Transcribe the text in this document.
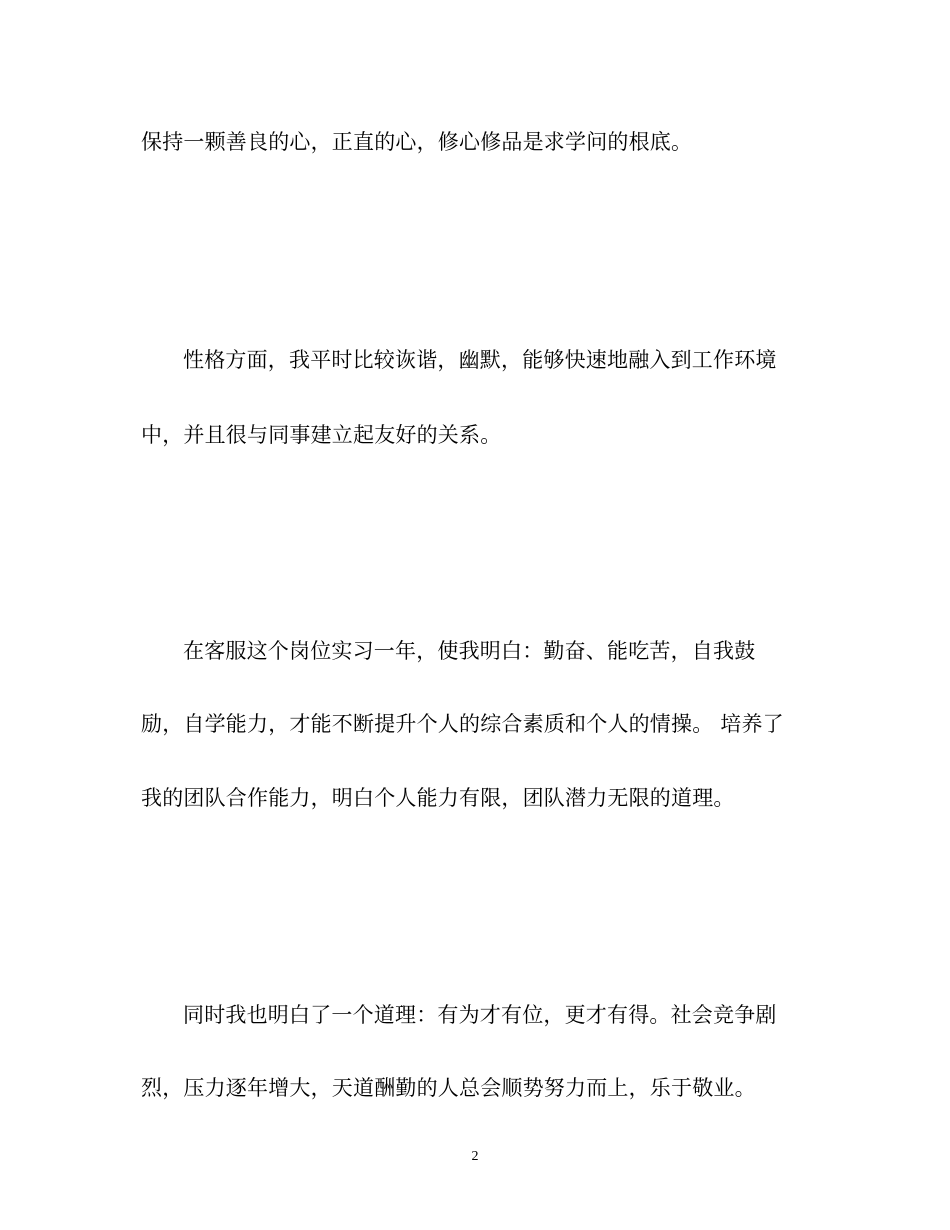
保持一颗善良的心，正直的心，修心修品是求学问的根底。
性格方面，我平时比较诙谐，幽默，能够快速地融入到工作环境
中，并且很与同事建立起友好的关系。
在客服这个岗位实习一年，使我明白：勤奋、能吃苦，自我鼓
励，自学能力，才能不断提升个人的综合素质和个人的情操。 培养了
我的团队合作能力，明白个人能力有限，团队潜力无限的道理。
同时我也明白了一个道理：有为才有位，更才有得。社会竞争剧
烈，压力逐年增大，天道酬勤的人总会顺势努力而上，乐于敬业。
2
